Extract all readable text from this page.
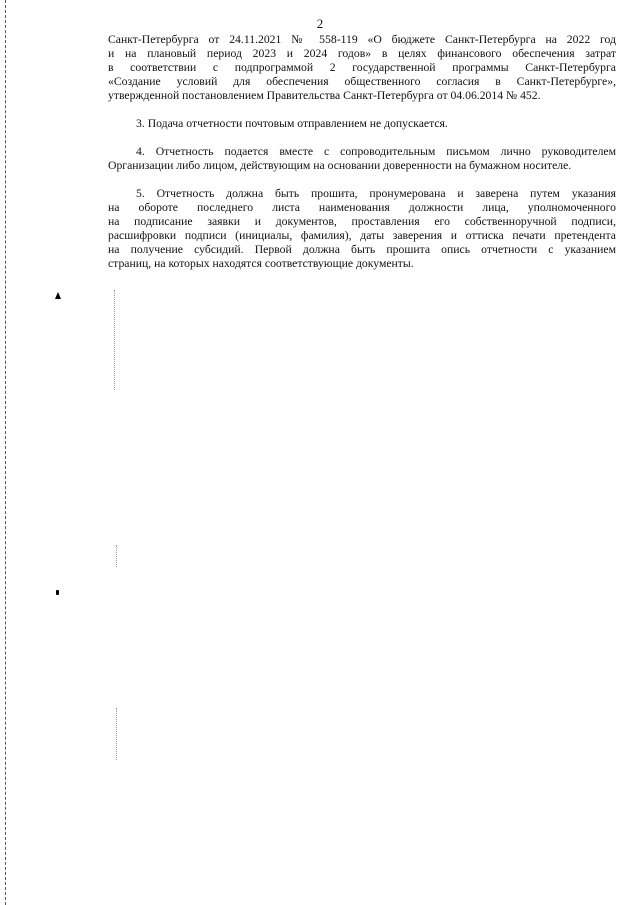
2

Санкт-Петербурга от 24.11.2021 № 558-119 «О бюджете Санкт-Петербурга на 2022 год
и на плановый период 2023 и 2024 годов» в целях финансового обеспечения затрат
в соответствии с подпрограммой 2 государственной программы Санкт-Петербурга
«Создание условий для обеспечения общественного согласия в Санкт-Петербурге»,
утвержденной постановлением Правительства Санкт-Петербурга от 04.06.2014 № 452.

3. Подача отчетности почтовым отправлением не допускается.

4. Отчетность подается вместе с сопроводительным письмом лично руководителем
Организации либо лицом, действующим на основании доверенности на бумажном носителе.

5. Отчетность должна быть прошита, пронумерована и заверена путем указания
на обороте последнего листа наименования должности лица, уполномоченного
на подписание заявки и документов, проставления его собственноручной подписи,
расшифровки подписи (инициалы, фамилия), даты заверения и оттиска печати претендента
на получение субсидий. Первой должна быть прошита опись отчетности с указанием
страниц, на которых находятся соответствующие документы.
